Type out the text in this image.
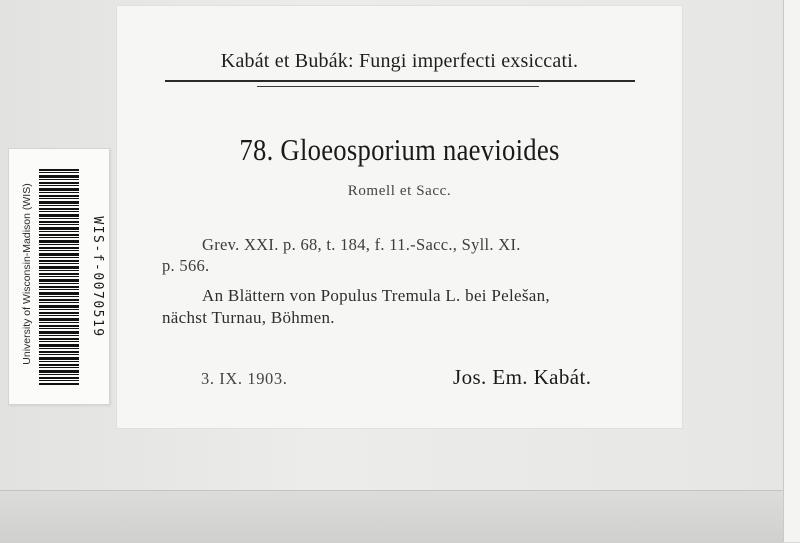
Kabát et Bubák: Fungi imperfecti exsiccati.
78. Gloeosporium naevioides
Romell et Sacc.
Grev. XXI. p. 68, t. 184, f. 11.-Sacc., Syll. XI.
p. 566.
An Blättern von Populus Tremula L. bei Pelešan,
nächst Turnau, Böhmen.
3. IX. 1903.	Jos. Em. Kabát.
University of Wisconsin-Madison (WIS)	WIS-f-0070519
